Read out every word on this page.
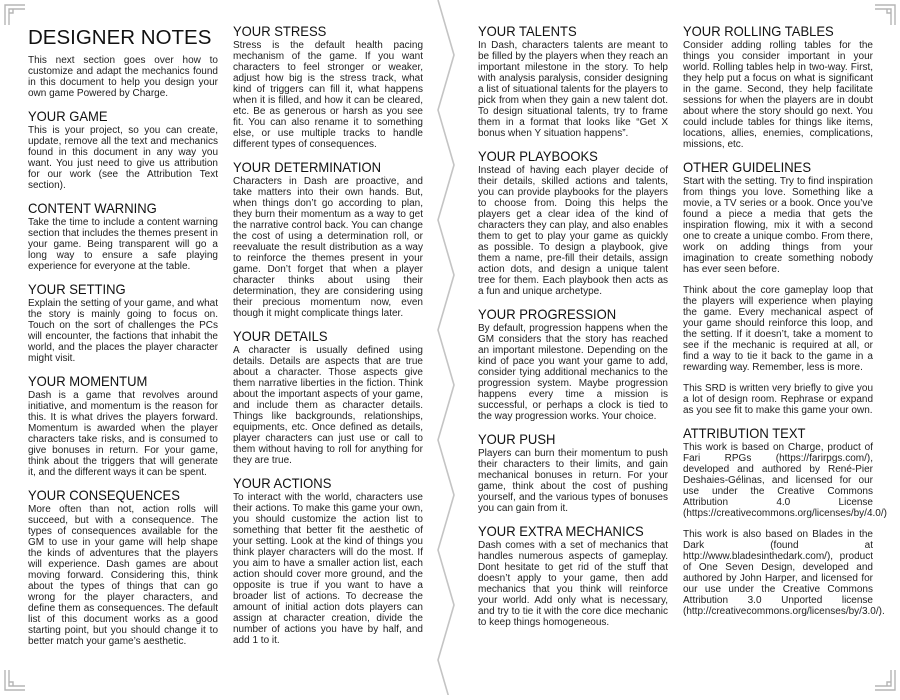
DESIGNER NOTES

This next section goes over how to customize and adapt the mechanics found in this document to help you design your own game Powered by Charge.

YOUR GAME

This is your project, so you can create, update, remove all the text and mechanics found in this document in any way you want. You just need to give us attribution for our work (see the Attribution Text section).

CONTENT WARNING

Take the time to include a content warning section that includes the themes present in your game. Being transparent will go a long way to ensure a safe playing experience for everyone at the table.

YOUR SETTING

Explain the setting of your game, and what the story is mainly going to focus on. Touch on the sort of challenges the PCs will encounter, the factions that inhabit the world, and the places the player character might visit.

YOUR MOMENTUM

Dash is a game that revolves around initiative, and momentum is the reason for this. It is what drives the players forward. Momentum is awarded when the player characters take risks, and is consumed to give bonuses in return. For your game, think about the triggers that will generate it, and the different ways it can be spent.

YOUR CONSEQUENCES

More often than not, action rolls will succeed, but with a consequence. The types of consequences available for the GM to use in your game will help shape the kinds of adventures that the players will experience. Dash games are about moving forward. Considering this, think about the types of things that can go wrong for the player characters, and define them as consequences. The default list of this document works as a good starting point, but you should change it to better match your game’s aesthetic.

YOUR STRESS

Stress is the default health pacing mechanism of the game. If you want characters to feel stronger or weaker, adjust how big is the stress track, what kind of triggers can fill it, what happens when it is filled, and how it can be cleared, etc. Be as generous or harsh as you see fit. You can also rename it to something else, or use multiple tracks to handle different types of consequences.

YOUR DETERMINATION

Characters in Dash are proactive, and take matters into their own hands. But, when things don’t go according to plan, they burn their momentum as a way to get the narrative control back. You can change the cost of using a determination roll, or reevaluate the result distribution as a way to reinforce the themes present in your game. Don’t forget that when a player character thinks about using their determination, they are considering using their precious momentum now, even though it might complicate things later.

YOUR DETAILS

A character is usually defined using details. Details are aspects that are true about a character. Those aspects give them narrative liberties in the fiction. Think about the important aspects of your game, and include them as character details. Things like backgrounds, relationships, equipments, etc. Once defined as details, player characters can just use or call to them without having to roll for anything for they are true.

YOUR ACTIONS

To interact with the world, characters use their actions. To make this game your own, you should customize the action list to something that better fit the aesthetic of your setting. Look at the kind of things you think player characters will do the most. If you aim to have a smaller action list, each action should cover more ground, and the opposite is true if you want to have a broader list of actions. To decrease the amount of initial action dots players can assign at character creation, divide the number of actions you have by half, and add 1 to it.

YOUR TALENTS

In Dash, characters talents are meant to be filled by the players when they reach an important milestone in the story. To help with analysis paralysis, consider designing a list of situational talents for the players to pick from when they gain a new talent dot. To design situational talents, try to frame them in a format that looks like “Get X bonus when Y situation happens”.

YOUR PLAYBOOKS

Instead of having each player decide of their details, skilled actions and talents, you can provide playbooks for the players to choose from. Doing this helps the players get a clear idea of the kind of characters they can play, and also enables them to get to play your game as quickly as possible. To design a playbook, give them a name, pre-fill their details, assign action dots, and design a unique talent tree for them. Each playbook then acts as a fun and unique archetype.

YOUR PROGRESSION

By default, progression happens when the GM considers that the story has reached an important milestone. Depending on the kind of pace you want your game to add, consider tying additional mechanics to the progression system. Maybe progression happens every time a mission is successful, or perhaps a clock is tied to the way progression works. Your choice.

YOUR PUSH

Players can burn their momentum to push their characters to their limits, and gain mechanical bonuses in return. For your game, think about the cost of pushing yourself, and the various types of bonuses you can gain from it.

YOUR EXTRA MECHANICS

Dash comes with a set of mechanics that handles numerous aspects of gameplay. Dont hesitate to get rid of the stuff that doesn’t apply to your game, then add mechanics that you think will reinforce your world. Add only what is necessary, and try to tie it with the core dice mechanic to keep things homogeneous.

YOUR ROLLING TABLES

Consider adding rolling tables for the things you consider important in your world. Rolling tables help in two-way. First, they help put a focus on what is significant in the game. Second, they help facilitate sessions for when the players are in doubt about where the story should go next. You could include tables for things like items, locations, allies, enemies, complications, missions, etc.

OTHER GUIDELINES

Start with the setting. Try to find inspiration from things you love. Something like a movie, a TV series or a book. Once you’ve found a piece a media that gets the inspiration flowing, mix it with a second one to create a unique combo. From there, work on adding things from your imagination to create something nobody has ever seen before.

Think about the core gameplay loop that the players will experience when playing the game. Every mechanical aspect of your game should reinforce this loop, and the setting. If it doesn’t, take a moment to see if the mechanic is required at all, or find a way to tie it back to the game in a rewarding way. Remember, less is more.

This SRD is written very briefly to give you a lot of design room. Rephrase or expand as you see fit to make this game your own.

ATTRIBUTION TEXT

This work is based on Charge, product of Fari RPGs (https://farirpgs.com/), developed and authored by René-Pier Deshaies-Gélinas, and licensed for our use under the Creative Commons Attribution 4.0 License (https://creativecommons.org/licenses/by/4.0/)

This work is also based on Blades in the Dark (found at http://www.bladesinthedark.com/), product of One Seven Design, developed and authored by John Harper, and licensed for our use under the Creative Commons Attribution 3.0 Unported license (http://creativecommons.org/licenses/by/3.0/).
